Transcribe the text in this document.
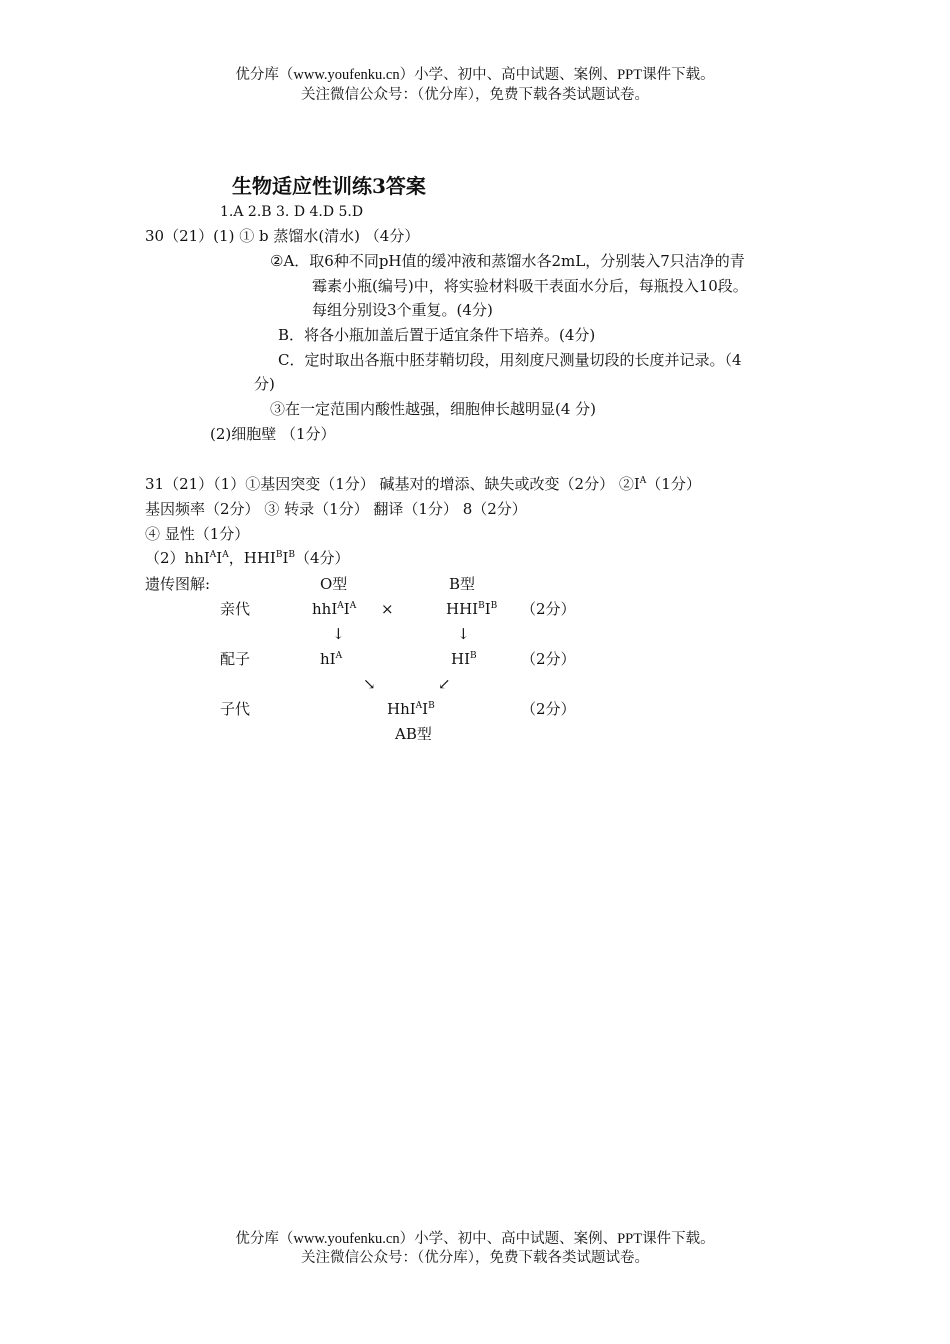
优分库（www.youfenku.cn）小学、初中、高中试题、案例、PPT课件下载。
关注微信公众号：（优分库），免费下载各类试题试卷。
生物适应性训练3答案
1.A 2.B 3. D 4.D 5.D
30（21）(1) ① b 蒸馏水(清水) （4分）
②A．取6种不同pH值的缓冲液和蒸馏水各2mL，分别装入7只洁净的青
霉素小瓶(编号)中，将实验材料吸干表面水分后，每瓶投入10段。
每组分别设3个重复。(4分)
B．将各小瓶加盖后置于适宜条件下培养。(4分)
C．定时取出各瓶中胚芽鞘切段，用刻度尺测量切段的长度并记录。（4
分)
③在一定范围内酸性越强，细胞伸长越明显(4 分)
(2)细胞壁 （1分）
31（21）（1）①基因突变（1分） 碱基对的增添、缺失或改变（2分） $②I^A(1$分）
基因频率（2分） ③ 转录（1分） 翻译（1分） 8（2分）
④ 显性（1分）
$(2)hhI^AI^A$，$HHI^BI^B(4$分）
遗传图解:	O型	B型
亲代	$hhI^AI^A$ ×	$HHI^BI^B$ （2分）
↓	↓
配子	$hI^A$	$HI^B$	（2分）
↘	↙
子代	$HhI^AI^B$	（2分）
AB型
优分库（www.youfenku.cn）小学、初中、高中试题、案例、PPT课件下载。
关注微信公众号：（优分库），免费下载各类试题试卷。
